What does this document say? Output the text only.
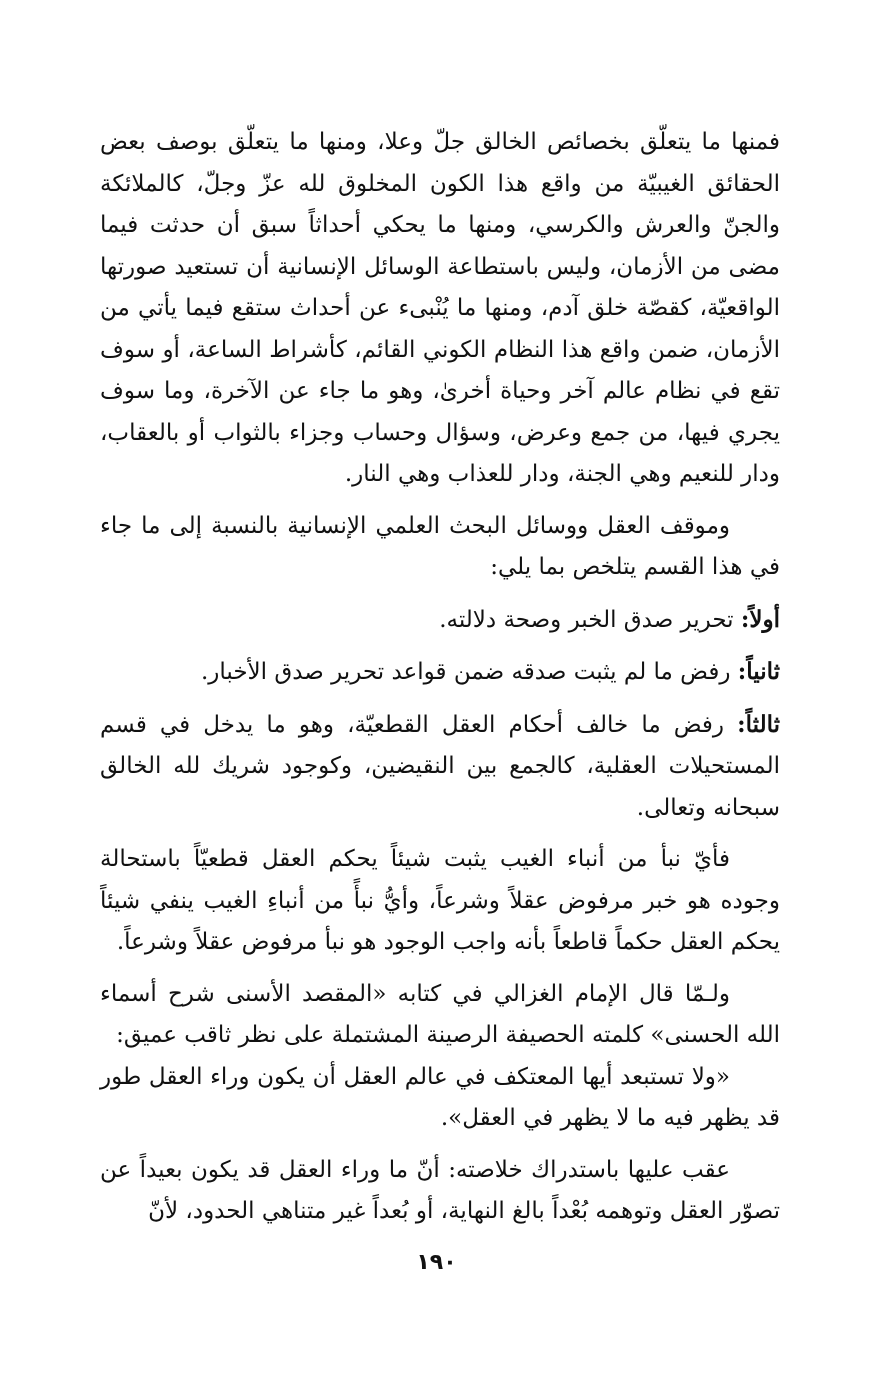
فمنها ما يتعلّق بخصائص الخالق جلّ وعلا، ومنها ما يتعلّق بوصف بعض الحقائق الغيبيّة من واقع هذا الكون المخلوق لله عزّ وجلّ، كالملائكة والجنّ والعرش والكرسي، ومنها ما يحكي أحداثاً سبق أن حدثت فيما مضى من الأزمان، وليس باستطاعة الوسائل الإنسانية أن تستعيد صورتها الواقعيّة، كقصّة خلق آدم، ومنها ما يُنْبىء عن أحداث ستقع فيما يأتي من الأزمان، ضمن واقع هذا النظام الكوني القائم، كأشراط الساعة، أو سوف تقع في نظام عالم آخر وحياة أخرىٰ، وهو ما جاء عن الآخرة، وما سوف يجري فيها، من جمع وعرض، وسؤال وحساب وجزاء بالثواب أو بالعقاب، ودار للنعيم وهي الجنة، ودار للعذاب وهي النار.

وموقف العقل ووسائل البحث العلمي الإنسانية بالنسبة إلى ما جاء في هذا القسم يتلخص بما يلي:

أولاً: تحرير صدق الخبر وصحة دلالته.

ثانياً: رفض ما لم يثبت صدقه ضمن قواعد تحرير صدق الأخبار.

ثالثاً: رفض ما خالف أحكام العقل القطعيّة، وهو ما يدخل في قسم المستحيلات العقلية، كالجمع بين النقيضين، وكوجود شريك لله الخالق سبحانه وتعالى.

فأيّ نبأ من أنباء الغيب يثبت شيئاً يحكم العقل قطعيّاً باستحالة وجوده هو خبر مرفوض عقلاً وشرعاً، وأيُّ نبأً من أنباءِ الغيب ينفي شيئاً يحكم العقل حكماً قاطعاً بأنه واجب الوجود هو نبأ مرفوض عقلاً وشرعاً.

ولـمّا قال الإمام الغزالي في كتابه «المقصد الأسنى شرح أسماء الله الحسنى» كلمته الحصيفة الرصينة المشتملة على نظر ثاقب عميق:

«ولا تستبعد أيها المعتكف في عالم العقل أن يكون وراء العقل طور قد يظهر فيه ما لا يظهر في العقل».

عقب عليها باستدراك خلاصته: أنّ ما وراء العقل قد يكون بعيداً عن تصوّر العقل وتوهمه بُعْداً بالغ النهاية، أو بُعداً غير متناهي الحدود، لأنّ

١٩٠
